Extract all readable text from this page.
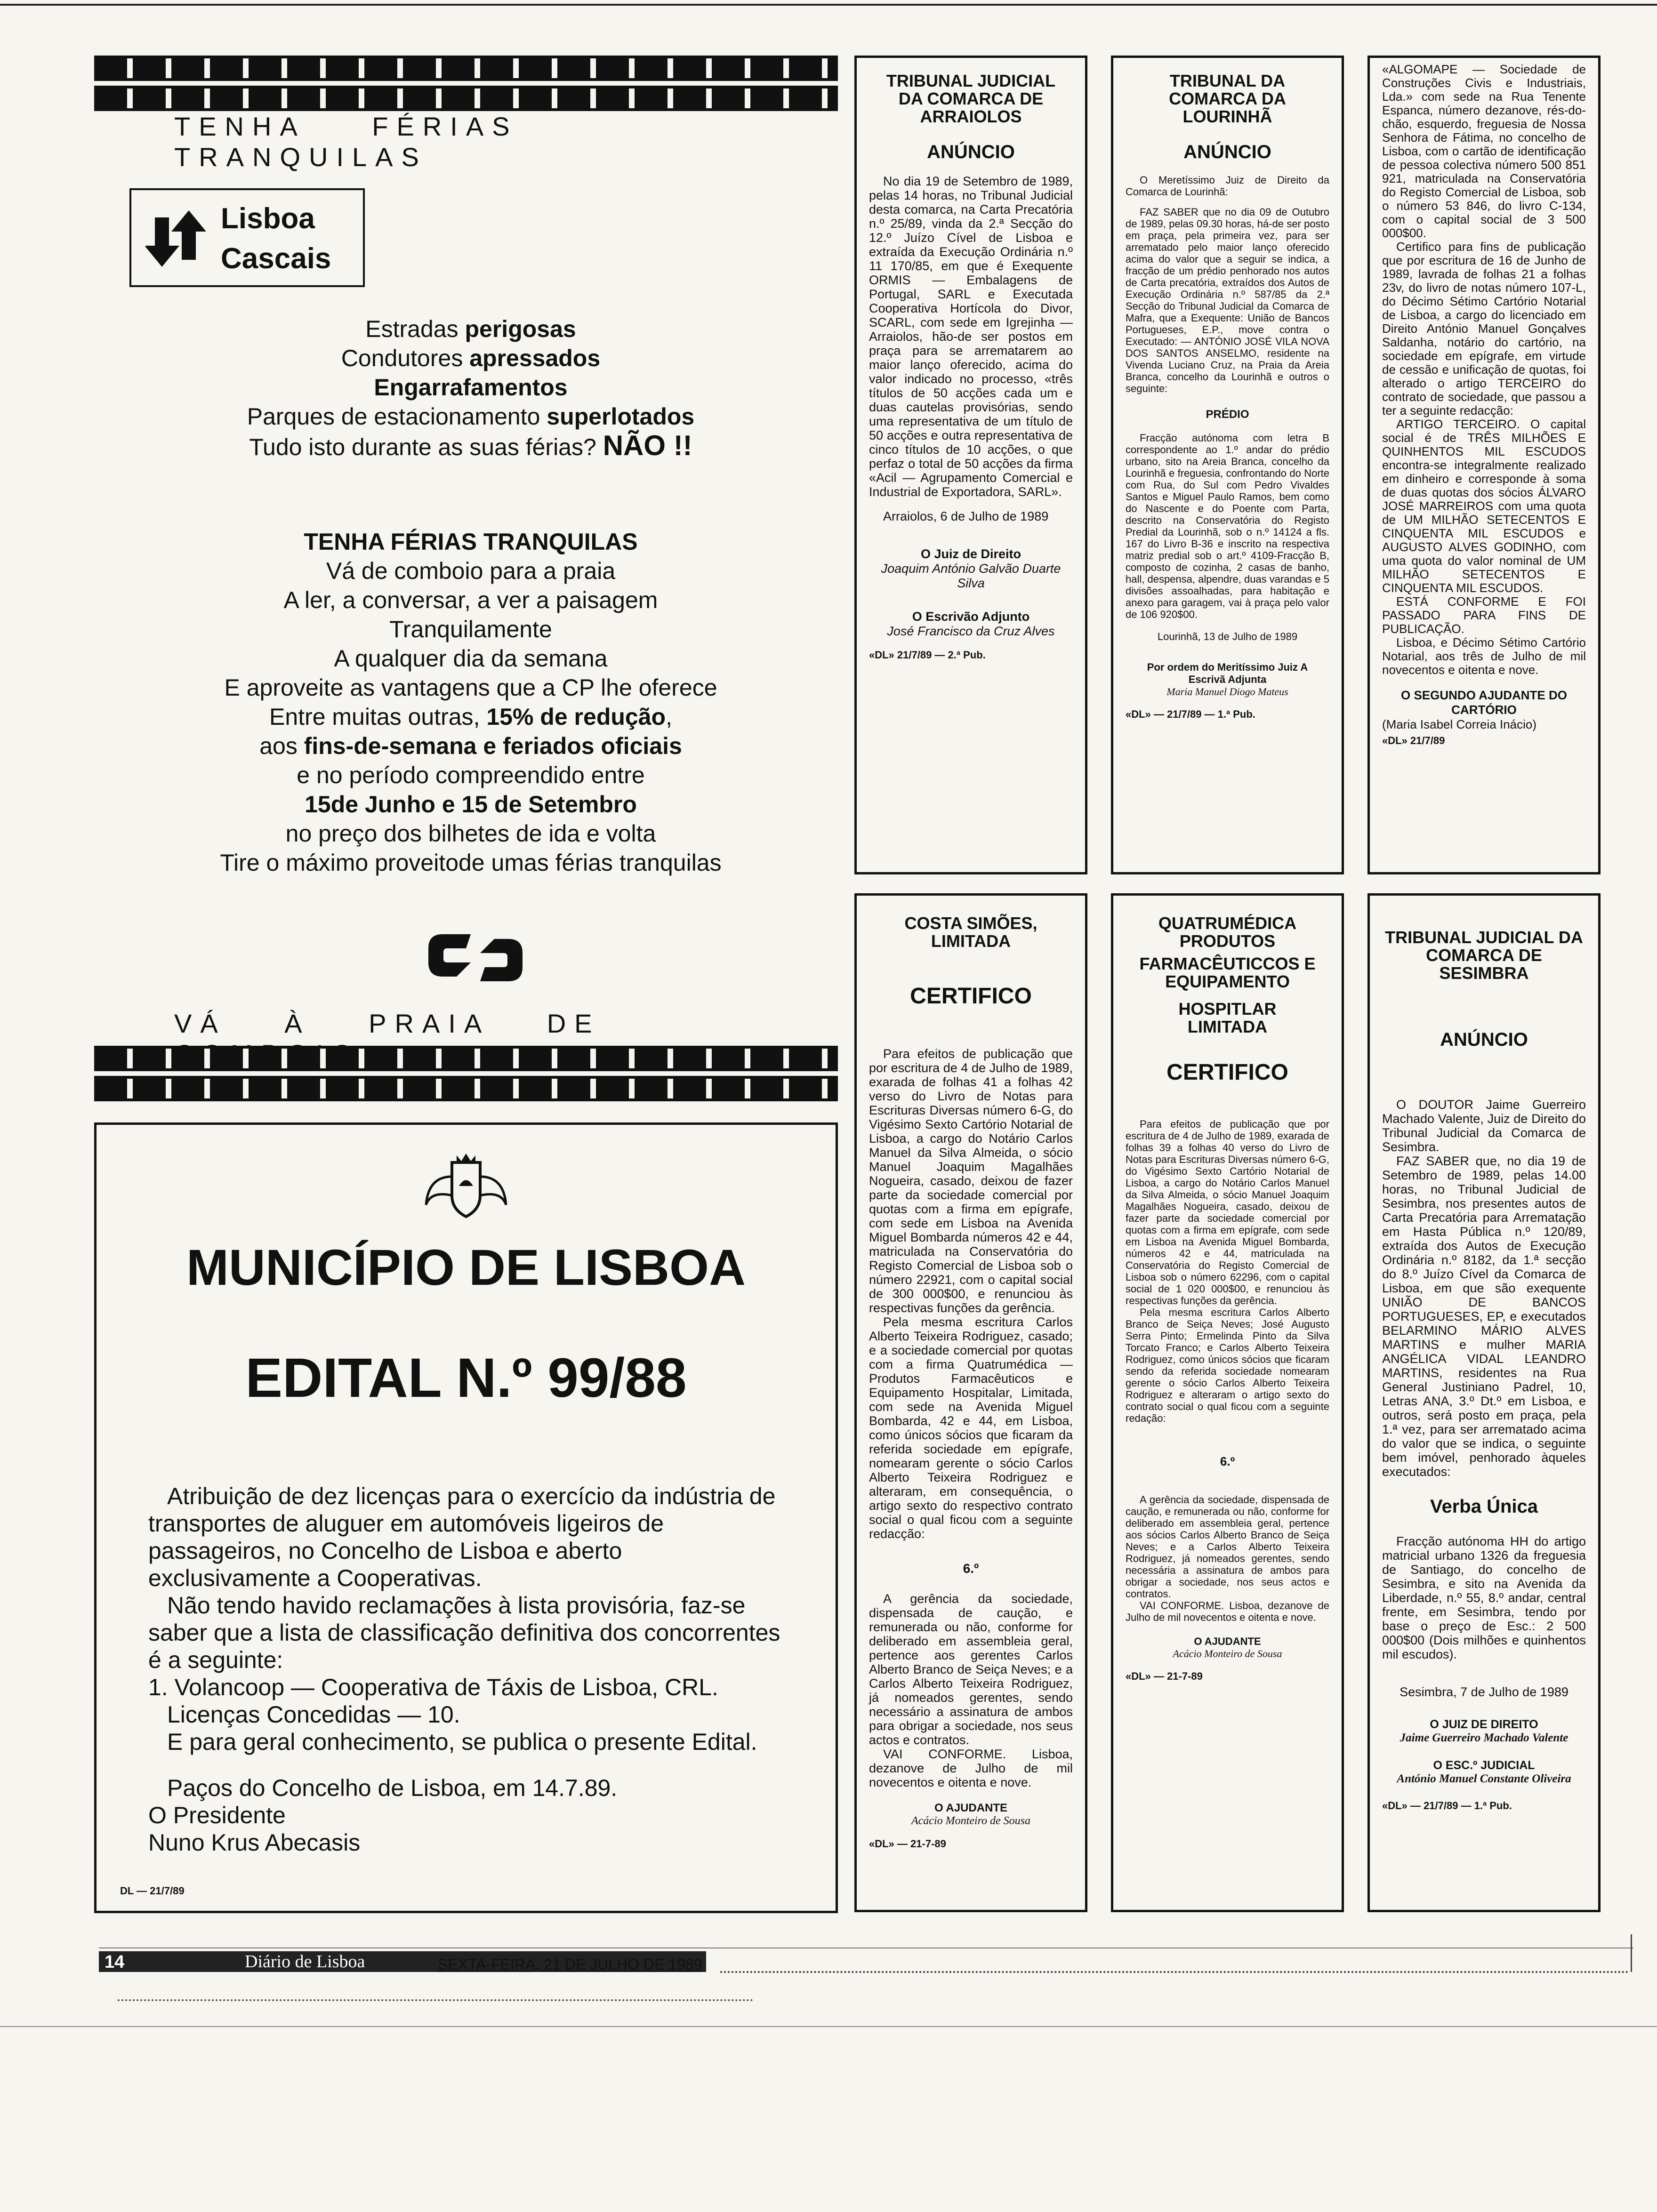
TENHA FÉRIAS TRANQUILAS
Lisboa
Cascais
Estradas perigosas
Condutores apressados
Engarrafamentos
Parques de estacionamento superlotados
Tudo isto durante as suas férias? NÃO !!
TENHA FÉRIAS TRANQUILAS
Vá de comboio para a praia
A ler, a conversar, a ver a paisagem
Tranquilamente
A qualquer dia da semana
E aproveite as vantagens que a CP lhe oferece
Entre muitas outras, 15% de redução,
aos fins-de-semana e feriados oficiais
e no período compreendido entre
15de Junho e 15 de Setembro
no preço dos bilhetes de ida e volta
Tire o máximo proveitode umas férias tranquilas
VÁ À PRAIA DE
MUNICÍPIO DE LISBOA
EDITAL N.º 99/88
Atribuição de dez licenças para o exercício da indústria de transportes de aluguer em automóveis ligeiros de passageiros, no Concelho de Lisboa e aberto exclusivamente a Cooperativas.
Não tendo havido reclamações à lista provisória, faz-se saber que a lista de classificação definitiva dos concorrentes é a seguinte:
1. Volancoop — Cooperativa de Táxis de Lisboa, CRL.
Licenças Concedidas — 10.
E para geral conhecimento, se publica o presente Edital.
Paços do Concelho de Lisboa, em 14.7.89.
O Presidente
Nuno Krus Abecasis
DL — 21/7/89
TRIBUNAL JUDICIAL DA COMARCA DE ARRAIOLOS
ANÚNCIO
No dia 19 de Setembro de 1989, pelas 14 horas, no Tribunal Judicial desta comarca, na Carta Precatória n.º 25/89, vinda da 2.ª Secção do 12.º Juízo Cível de Lisboa e extraída da Execução Ordinária n.º 11 170/85, em que é Exequente ORMIS — Embalagens de Portugal, SARL e Executada Cooperativa Hortícola do Divor, SCARL, com sede em Igrejinha — Arraiolos, hão-de ser postos em praça para se arrematarem ao maior lanço oferecido, acima do valor indicado no processo, «três títulos de 50 acções cada um e duas cautelas provisórias, sendo uma representativa de um título de 50 acções e outra representativa de cinco títulos de 10 acções, o que perfaz o total de 50 acções da firma «Acil — Agrupamento Comercial e Industrial de Exportadora, SARL».
Arraiolos, 6 de Julho de 1989
O Juiz de Direito
Joaquim António Galvão Duarte Silva
O Escrivão Adjunto
José Francisco da Cruz Alves
«DL» 21/7/89 — 2.ª Pub.
TRIBUNAL DA COMARCA DA LOURINHÃ
ANÚNCIO
O Meretíssimo Juiz de Direito da Comarca de Lourinhã:
FAZ SABER que no dia 09 de Outubro de 1989, pelas 09.30 horas, há-de ser posto em praça, pela primeira vez, para ser arrematado pelo maior lanço oferecido acima do valor que a seguir se indica, a fracção de um prédio penhorado nos autos de Carta precatória, extraídos dos Autos de Execução Ordinária n.º 587/85 da 2.ª Secção do Tribunal Judicial da Comarca de Mafra, que a Exequente: União de Bancos Portugueses, E.P., move contra o Executado: — ANTÓNIO JOSÉ VILA NOVA DOS SANTOS ANSELMO, residente na Vivenda Luciano Cruz, na Praia da Areia Branca, concelho da Lourinhã e outros o seguinte:
PRÉDIO
Fracção autónoma com letra B correspondente ao 1.º andar do prédio urbano, sito na Areia Branca, concelho da Lourinhã e freguesia, confrontando do Norte com Rua, do Sul com Pedro Vivaldes Santos e Miguel Paulo Ramos, bem como do Nascente e do Poente com Parta, descrito na Conservatória do Registo Predial da Lourinhã, sob o n.º 14124 a fls. 167 do Livro B-36 e inscrito na respectiva matriz predial sob o art.º 4109-Fracção B, composto de cozinha, 2 casas de banho, hall, despensa, alpendre, duas varandas e 5 divisões assoalhadas, para habitação e anexo para garagem, vai à praça pelo valor de 106 920$00.
Lourinhã, 13 de Julho de 1989
Por ordem do Meritíssimo Juiz A Escrivã Adjunta
Maria Manuel Diogo Mateus
«DL» — 21/7/89 — 1.ª Pub.
«ALGOMAPE — Sociedade de Construções Civis e Industriais, Lda.» com sede na Rua Tenente Espanca, número dezanove, rés-do-chão, esquerdo, freguesia de Nossa Senhora de Fátima, no concelho de Lisboa, com o cartão de identificação de pessoa colectiva número 500 851 921, matriculada na Conservatória do Registo Comercial de Lisboa, sob o número 53 846, do livro C-134, com o capital social de 3 500 000$00.
Certifico para fins de publicação que por escritura de 16 de Junho de 1989, lavrada de folhas 21 a folhas 23v, do livro de notas número 107-L, do Décimo Sétimo Cartório Notarial de Lisboa, a cargo do licenciado em Direito António Manuel Gonçalves Saldanha, notário do cartório, na sociedade em epígrafe, em virtude de cessão e unificação de quotas, foi alterado o artigo TERCEIRO do contrato de sociedade, que passou a ter a seguinte redacção:
ARTIGO TERCEIRO. O capital social é de TRÊS MILHÕES E QUINHENTOS MIL ESCUDOS encontra-se integralmente realizado em dinheiro e corresponde à soma de duas quotas dos sócios ÁLVARO JOSÉ MARREIROS com uma quota de UM MILHÃO SETECENTOS E CINQUENTA MIL ESCUDOS e AUGUSTO ALVES GODINHO, com uma quota do valor nominal de UM MILHÃO SETECENTOS E CINQUENTA MIL ESCUDOS.
ESTÁ CONFORME E FOI PASSADO PARA FINS DE PUBLICAÇÃO.
Lisboa, e Décimo Sétimo Cartório Notarial, aos três de Julho de mil novecentos e oitenta e nove.
O SEGUNDO AJUDANTE DO CARTÓRIO
(Maria Isabel Correia Inácio)
«DL» 21/7/89
COSTA SIMÕES, LIMITADA
CERTIFICO
Para efeitos de publicação que por escritura de 4 de Julho de 1989, exarada de folhas 41 a folhas 42 verso do Livro de Notas para Escrituras Diversas número 6-G, do Vigésimo Sexto Cartório Notarial de Lisboa, a cargo do Notário Carlos Manuel da Silva Almeida, o sócio Manuel Joaquim Magalhães Nogueira, casado, deixou de fazer parte da sociedade comercial por quotas com a firma em epígrafe, com sede em Lisboa na Avenida Miguel Bombarda números 42 e 44, matriculada na Conservatória do Registo Comercial de Lisboa sob o número 22921, com o capital social de 300 000$00, e renunciou às respectivas funções da gerência.
Pela mesma escritura Carlos Alberto Teixeira Rodriguez, casado; e a sociedade comercial por quotas com a firma Quatrumédica — Produtos Farmacêuticos e Equipamento Hospitalar, Limitada, com sede na Avenida Miguel Bombarda, 42 e 44, em Lisboa, como únicos sócios que ficaram da referida sociedade em epígrafe, nomearam gerente o sócio Carlos Alberto Teixeira Rodriguez e alteraram, em consequência, o artigo sexto do respectivo contrato social o qual ficou com a seguinte redacção:
6.º
A gerência da sociedade, dispensada de caução, e remunerada ou não, conforme for deliberado em assembleia geral, pertence aos gerentes Carlos Alberto Branco de Seiça Neves; e a Carlos Alberto Teixeira Rodriguez, já nomeados gerentes, sendo necessário a assinatura de ambos para obrigar a sociedade, nos seus actos e contratos.
VAI CONFORME. Lisboa, dezanove de Julho de mil novecentos e oitenta e nove.
O AJUDANTE
Acácio Monteiro de Sousa
«DL» — 21-7-89
QUATRUMÉDICA PRODUTOS
FARMACÊUTICCOS E EQUIPAMENTO
HOSPITLAR LIMITADA
CERTIFICO
Para efeitos de publicação que por escritura de 4 de Julho de 1989, exarada de folhas 39 a folhas 40 verso do Livro de Notas para Escrituras Diversas número 6-G, do Vigésimo Sexto Cartório Notarial de Lisboa, a cargo do Notário Carlos Manuel da Silva Almeida, o sócio Manuel Joaquim Magalhães Nogueira, casado, deixou de fazer parte da sociedade comercial por quotas com a firma em epígrafe, com sede em Lisboa na Avenida Miguel Bombarda, números 42 e 44, matriculada na Conservatória do Registo Comercial de Lisboa sob o número 62296, com o capital social de 1 020 000$00, e renunciou às respectivas funções da gerência.
Pela mesma escritura Carlos Alberto Branco de Seiça Neves; José Augusto Serra Pinto; Ermelinda Pinto da Silva Torcato Franco; e Carlos Alberto Teixeira Rodriguez, como únicos sócios que ficaram sendo da referida sociedade nomearam gerente o sócio Carlos Alberto Teixeira Rodriguez e alteraram o artigo sexto do contrato social o qual ficou com a seguinte redação:
6.º
A gerência da sociedade, dispensada de caução, e remunerada ou não, conforme for deliberado em assembleia geral, pertence aos sócios Carlos Alberto Branco de Seiça Neves; e a Carlos Alberto Teixeira Rodriguez, já nomeados gerentes, sendo necessária a assinatura de ambos para obrigar a sociedade, nos seus actos e contratos.
VAI CONFORME. Lisboa, dezanove de Julho de mil novecentos e oitenta e nove.
O AJUDANTE
Acácio Monteiro de Sousa
«DL» — 21-7-89
TRIBUNAL JUDICIAL DA COMARCA DE SESIMBRA
ANÚNCIO
O DOUTOR Jaime Guerreiro Machado Valente, Juiz de Direito do Tribunal Judicial da Comarca de Sesimbra.
FAZ SABER que, no dia 19 de Setembro de 1989, pelas 14.00 horas, no Tribunal Judicial de Sesimbra, nos presentes autos de Carta Precatória para Arrematação em Hasta Pública n.º 120/89, extraída dos Autos de Execução Ordinária n.º 8182, da 1.ª secção do 8.º Juízo Cível da Comarca de Lisboa, em que são exequente UNIÃO DE BANCOS PORTUGUESES, EP, e executados BELARMINO MÁRIO ALVES MARTINS e mulher MARIA ANGÉLICA VIDAL LEANDRO MARTINS, residentes na Rua General Justiniano Padrel, 10, Letras ANA, 3.º Dt.º em Lisboa, e outros, será posto em praça, pela 1.ª vez, para ser arrematado acima do valor que se indica, o seguinte bem imóvel, penhorado àqueles executados:
Verba Única
Fracção autónoma HH do artigo matricial urbano 1326 da freguesia de Santiago, do concelho de Sesimbra, e sito na Avenida da Liberdade, n.º 55, 8.º andar, central frente, em Sesimbra, tendo por base o preço de Esc.: 2 500 000$00 (Dois milhões e quinhentos mil escudos).
Sesimbra, 7 de Julho de 1989
O JUIZ DE DIREITO
Jaime Guerreiro Machado Valente
O ESC.º JUDICIAL
António Manuel Constante Oliveira
«DL» — 21/7/89 — 1.ª Pub.
14	Diário de Lisboa	SEXTA-FEIRA, 21 DE JULHO DE 1989
